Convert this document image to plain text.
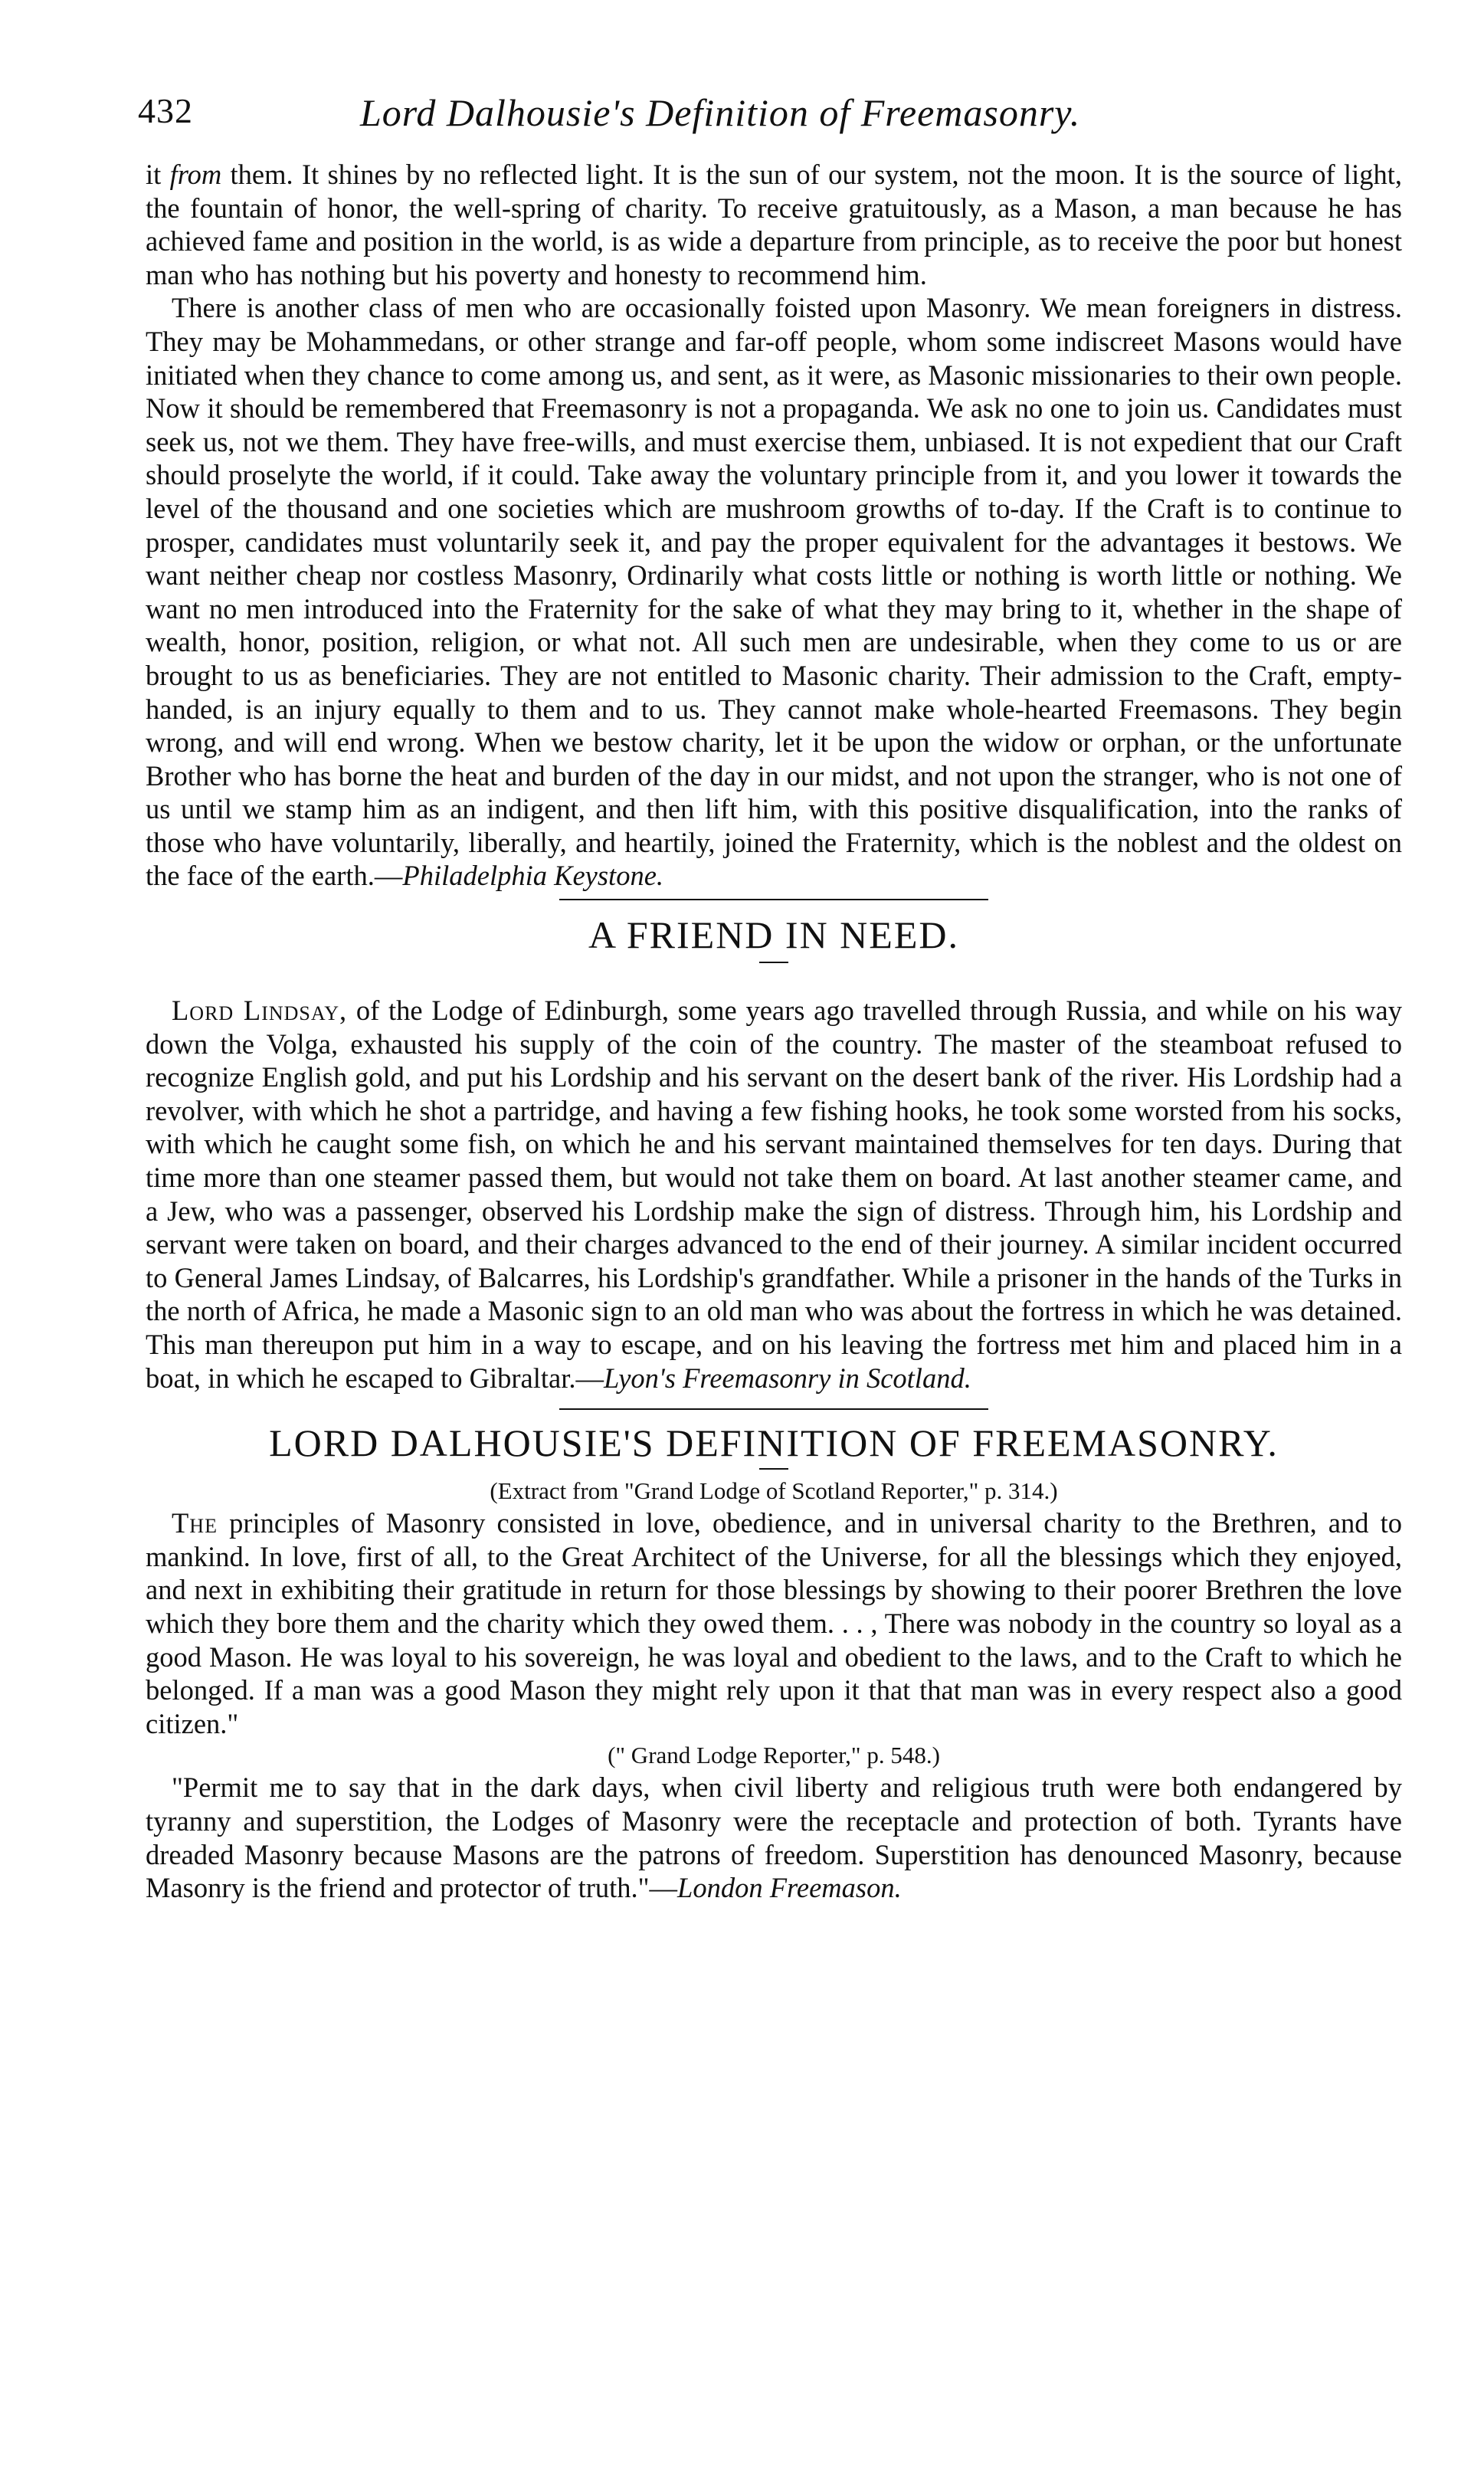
432	Lord Dalhousie's Definition of Freemasonry.

it from them. It shines by no reflected light. It is the sun of our system, not the moon. It is the source of light, the fountain of honor, the well-spring of charity. To receive gratuitously, as a Mason, a man because he has achieved fame and position in the world, is as wide a departure from principle, as to receive the poor but honest man who has nothing but his poverty and honesty to recommend him.

There is another class of men who are occasionally foisted upon Masonry. We mean foreigners in distress. They may be Mohammedans, or other strange and far-off people, whom some indiscreet Masons would have initiated when they chance to come among us, and sent, as it were, as Masonic missionaries to their own people. Now it should be remembered that Freemasonry is not a propaganda. We ask no one to join us. Candidates must seek us, not we them. They have free-wills, and must exercise them, unbiased. It is not expedient that our Craft should proselyte the world, if it could. Take away the voluntary principle from it, and you lower it towards the level of the thousand and one societies which are mushroom growths of to-day. If the Craft is to continue to prosper, candidates must voluntarily seek it, and pay the proper equivalent for the advantages it bestows. We want neither cheap nor costless Masonry, Ordinarily what costs little or nothing is worth little or nothing. We want no men introduced into the Fraternity for the sake of what they may bring to it, whether in the shape of wealth, honor, position, religion, or what not. All such men are undesirable, when they come to us or are brought to us as beneficiaries. They are not entitled to Masonic charity. Their admission to the Craft, empty-handed, is an injury equally to them and to us. They cannot make whole-hearted Freemasons. They begin wrong, and will end wrong. When we bestow charity, let it be upon the widow or orphan, or the unfortunate Brother who has borne the heat and burden of the day in our midst, and not upon the stranger, who is not one of us until we stamp him as an indigent, and then lift him, with this positive disqualification, into the ranks of those who have voluntarily, liberally, and heartily, joined the Fraternity, which is the noblest and the oldest on the face of the earth.—Philadelphia Keystone.

A FRIEND IN NEED.

Lord Lindsay, of the Lodge of Edinburgh, some years ago travelled through Russia, and while on his way down the Volga, exhausted his supply of the coin of the country. The master of the steamboat refused to recognize English gold, and put his Lordship and his servant on the desert bank of the river. His Lordship had a revolver, with which he shot a partridge, and having a few fishing hooks, he took some worsted from his socks, with which he caught some fish, on which he and his servant maintained themselves for ten days. During that time more than one steamer passed them, but would not take them on board. At last another steamer came, and a Jew, who was a passenger, observed his Lordship make the sign of distress. Through him, his Lordship and servant were taken on board, and their charges advanced to the end of their journey. A similar incident occurred to General James Lindsay, of Balcarres, his Lordship's grandfather. While a prisoner in the hands of the Turks in the north of Africa, he made a Masonic sign to an old man who was about the fortress in which he was detained. This man thereupon put him in a way to escape, and on his leaving the fortress met him and placed him in a boat, in which he escaped to Gibraltar.—Lyon's Freemasonry in Scotland.

LORD DALHOUSIE'S DEFINITION OF FREEMASONRY.
(Extract from "Grand Lodge of Scotland Reporter," p. 314.)

The principles of Masonry consisted in love, obedience, and in universal charity to the Brethren, and to mankind. In love, first of all, to the Great Architect of the Universe, for all the blessings which they enjoyed, and next in exhibiting their gratitude in return for those blessings by showing to their poorer Brethren the love which they bore them and the charity which they owed them. . . , There was nobody in the country so loyal as a good Mason. He was loyal to his sovereign, he was loyal and obedient to the laws, and to the Craft to which he belonged. If a man was a good Mason they might rely upon it that that man was in every respect also a good citizen."

(" Grand Lodge Reporter," p. 548.)

"Permit me to say that in the dark days, when civil liberty and religious truth were both endangered by tyranny and superstition, the Lodges of Masonry were the receptacle and protection of both. Tyrants have dreaded Masonry because Masons are the patrons of freedom. Superstition has denounced Masonry, because Masonry is the friend and protector of truth."—London Freemason.
